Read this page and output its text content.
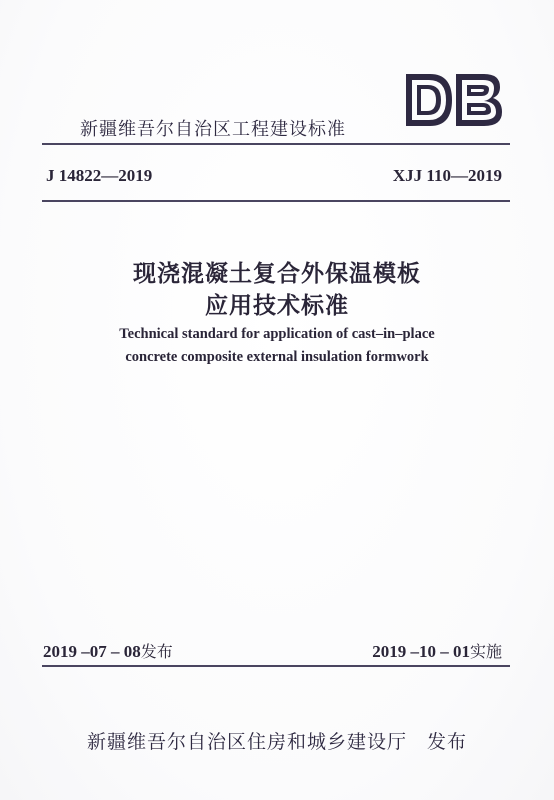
新疆维吾尔自治区工程建设标准
J 14822—2019	XJJ 110—2019
现浇混凝土复合外保温模板
应用技术标准
Technical standard for application of cast–in–place
concrete composite external insulation formwork
2019 –07 – 08发布	2019 –10 – 01实施
新疆维吾尔自治区住房和城乡建设厅　发布
